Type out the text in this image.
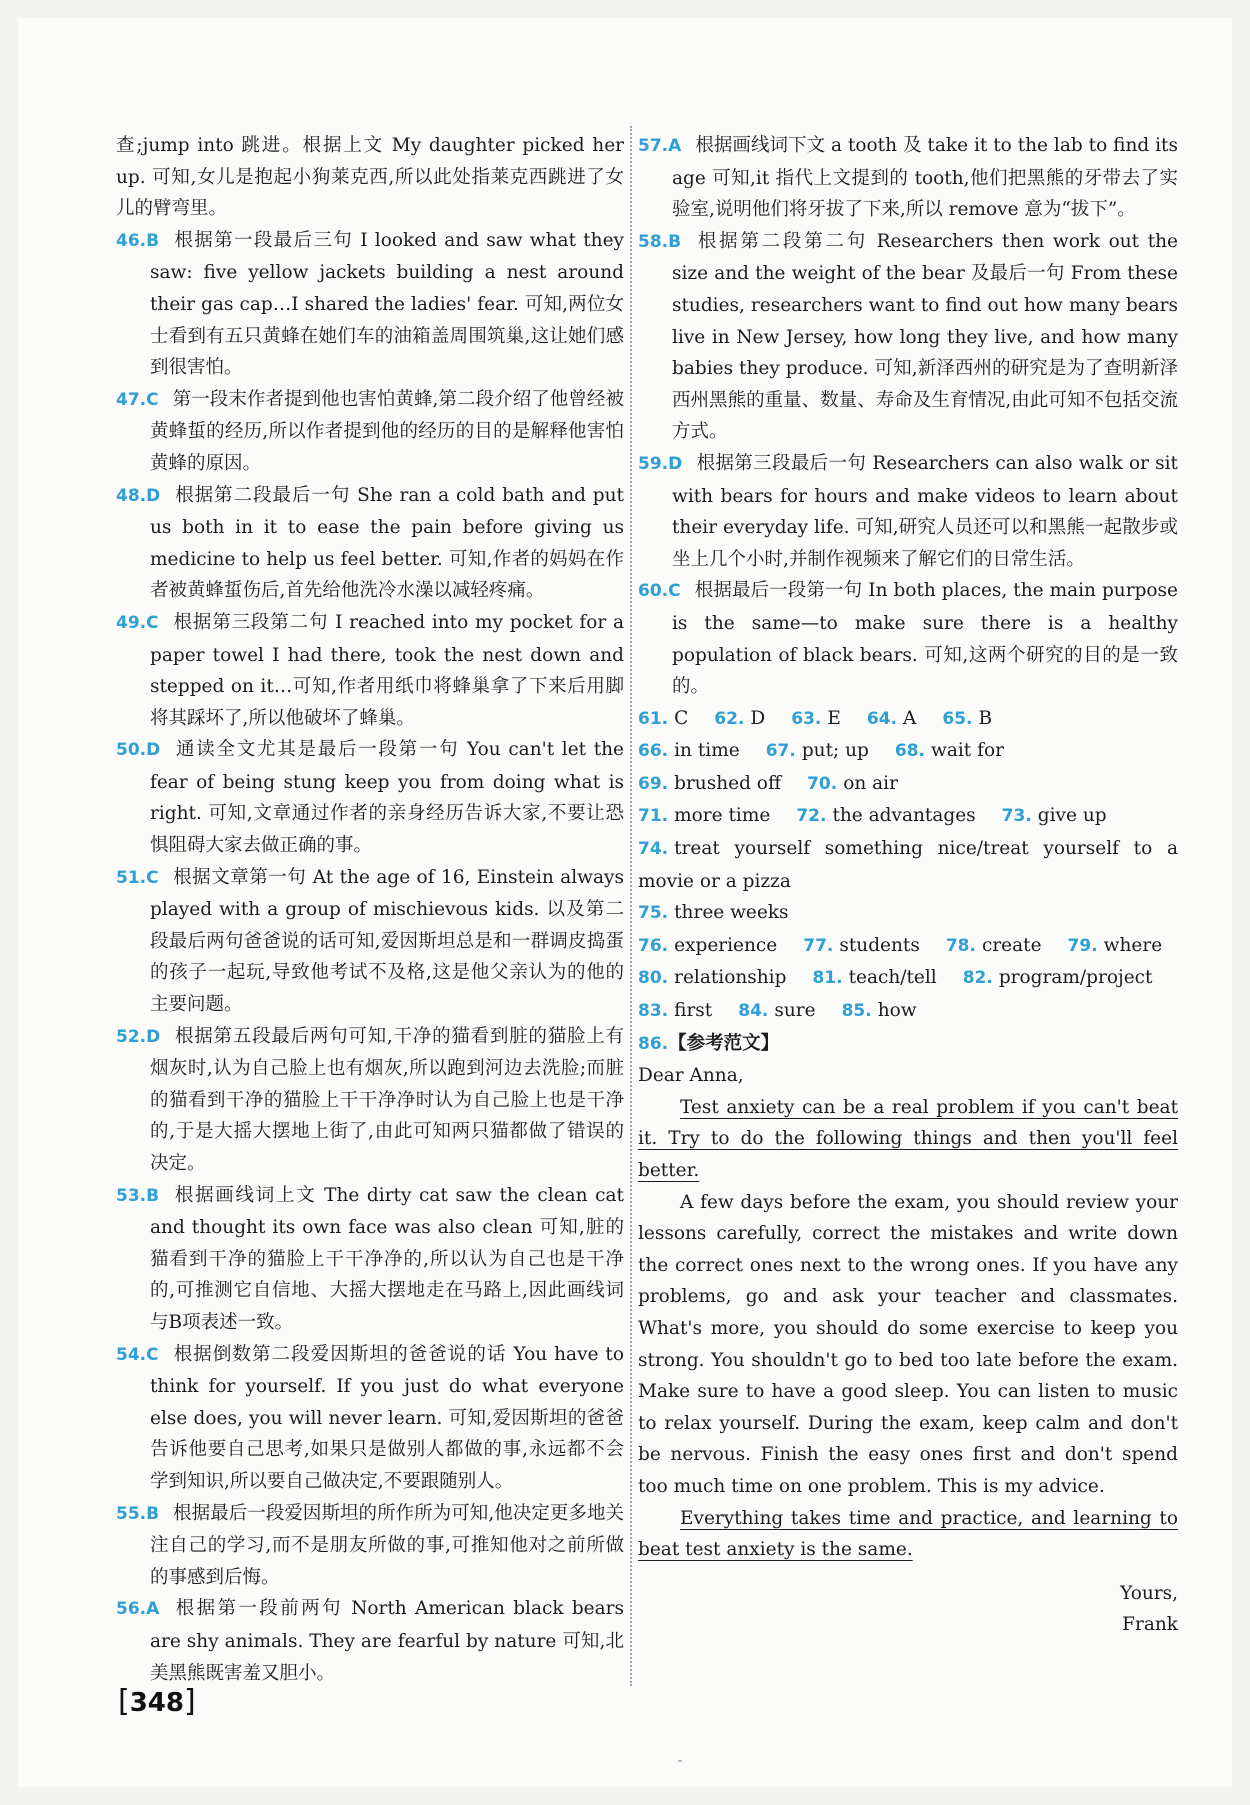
查;jump into 跳进。根据上文 My daughter picked her up. 可知,女儿是抱起小狗莱克西,所以此处指莱克西跳进了女儿的臂弯里。

46.B 根据第一段最后三句 I looked and saw what they saw: five yellow jackets building a nest around their gas cap…I shared the ladies' fear. 可知,两位女士看到有五只黄蜂在她们车的油箱盖周围筑巢,这让她们感到很害怕。

47.C 第一段末作者提到他也害怕黄蜂,第二段介绍了他曾经被黄蜂蜇的经历,所以作者提到他的经历的目的是解释他害怕黄蜂的原因。

48.D 根据第二段最后一句 She ran a cold bath and put us both in it to ease the pain before giving us medicine to help us feel better. 可知,作者的妈妈在作者被黄蜂蜇伤后,首先给他洗冷水澡以减轻疼痛。

49.C 根据第三段第二句 I reached into my pocket for a paper towel I had there, took the nest down and stepped on it…可知,作者用纸巾将蜂巢拿了下来后用脚将其踩坏了,所以他破坏了蜂巢。

50.D 通读全文尤其是最后一段第一句 You can't let the fear of being stung keep you from doing what is right. 可知,文章通过作者的亲身经历告诉大家,不要让恐惧阻碍大家去做正确的事。

51.C 根据文章第一句 At the age of 16, Einstein always played with a group of mischievous kids. 以及第二段最后两句爸爸说的话可知,爱因斯坦总是和一群调皮捣蛋的孩子一起玩,导致他考试不及格,这是他父亲认为的他的主要问题。

52.D 根据第五段最后两句可知,干净的猫看到脏的猫脸上有烟灰时,认为自己脸上也有烟灰,所以跑到河边去洗脸;而脏的猫看到干净的猫脸上干干净净时认为自己脸上也是干净的,于是大摇大摆地上街了,由此可知两只猫都做了错误的决定。

53.B 根据画线词上文 The dirty cat saw the clean cat and thought its own face was also clean 可知,脏的猫看到干净的猫脸上干干净净的,所以认为自己也是干净的,可推测它自信地、大摇大摆地走在马路上,因此画线词与B项表述一致。

54.C 根据倒数第二段爱因斯坦的爸爸说的话 You have to think for yourself. If you just do what everyone else does, you will never learn. 可知,爱因斯坦的爸爸告诉他要自己思考,如果只是做别人都做的事,永远都不会学到知识,所以要自己做决定,不要跟随别人。

55.B 根据最后一段爱因斯坦的所作所为可知,他决定更多地关注自己的学习,而不是朋友所做的事,可推知他对之前所做的事感到后悔。

56.A 根据第一段前两句 North American black bears are shy animals. They are fearful by nature 可知,北美黑熊既害羞又胆小。

57.A 根据画线词下文 a tooth 及 take it to the lab to find its age 可知,it 指代上文提到的 tooth,他们把黑熊的牙带去了实验室,说明他们将牙拔了下来,所以 remove 意为“拔下”。

58.B 根据第二段第二句 Researchers then work out the size and the weight of the bear 及最后一句 From these studies, researchers want to find out how many bears live in New Jersey, how long they live, and how many babies they produce. 可知,新泽西州的研究是为了查明新泽西州黑熊的重量、数量、寿命及生育情况,由此可知不包括交流方式。

59.D 根据第三段最后一句 Researchers can also walk or sit with bears for hours and make videos to learn about their everyday life. 可知,研究人员还可以和黑熊一起散步或坐上几个小时,并制作视频来了解它们的日常生活。

60.C 根据最后一段第一句 In both places, the main purpose is the same—to make sure there is a healthy population of black bears. 可知,这两个研究的目的是一致的。

61. C 62. D 63. E 64. A 65. B

66. in time 67. put; up 68. wait for

69. brushed off 70. on air

71. more time 72. the advantages 73. give up

74. treat yourself something nice/treat yourself to a movie or a pizza

75. three weeks

76. experience 77. students 78. create 79. where

80. relationship 81. teach/tell 82. program/project

83. first 84. sure 85. how

86.【参考范文】

Dear Anna,

Test anxiety can be a real problem if you can't beat it. Try to do the following things and then you'll feel better.

A few days before the exam, you should review your lessons carefully, correct the mistakes and write down the correct ones next to the wrong ones. If you have any problems, go and ask your teacher and classmates. What's more, you should do some exercise to keep you strong. You shouldn't go to bed too late before the exam. Make sure to have a good sleep. You can listen to music to relax yourself. During the exam, keep calm and don't be nervous. Finish the easy ones first and don't spend too much time on one problem. This is my advice.

Everything takes time and practice, and learning to beat test anxiety is the same.

Yours,

Frank

[348]
